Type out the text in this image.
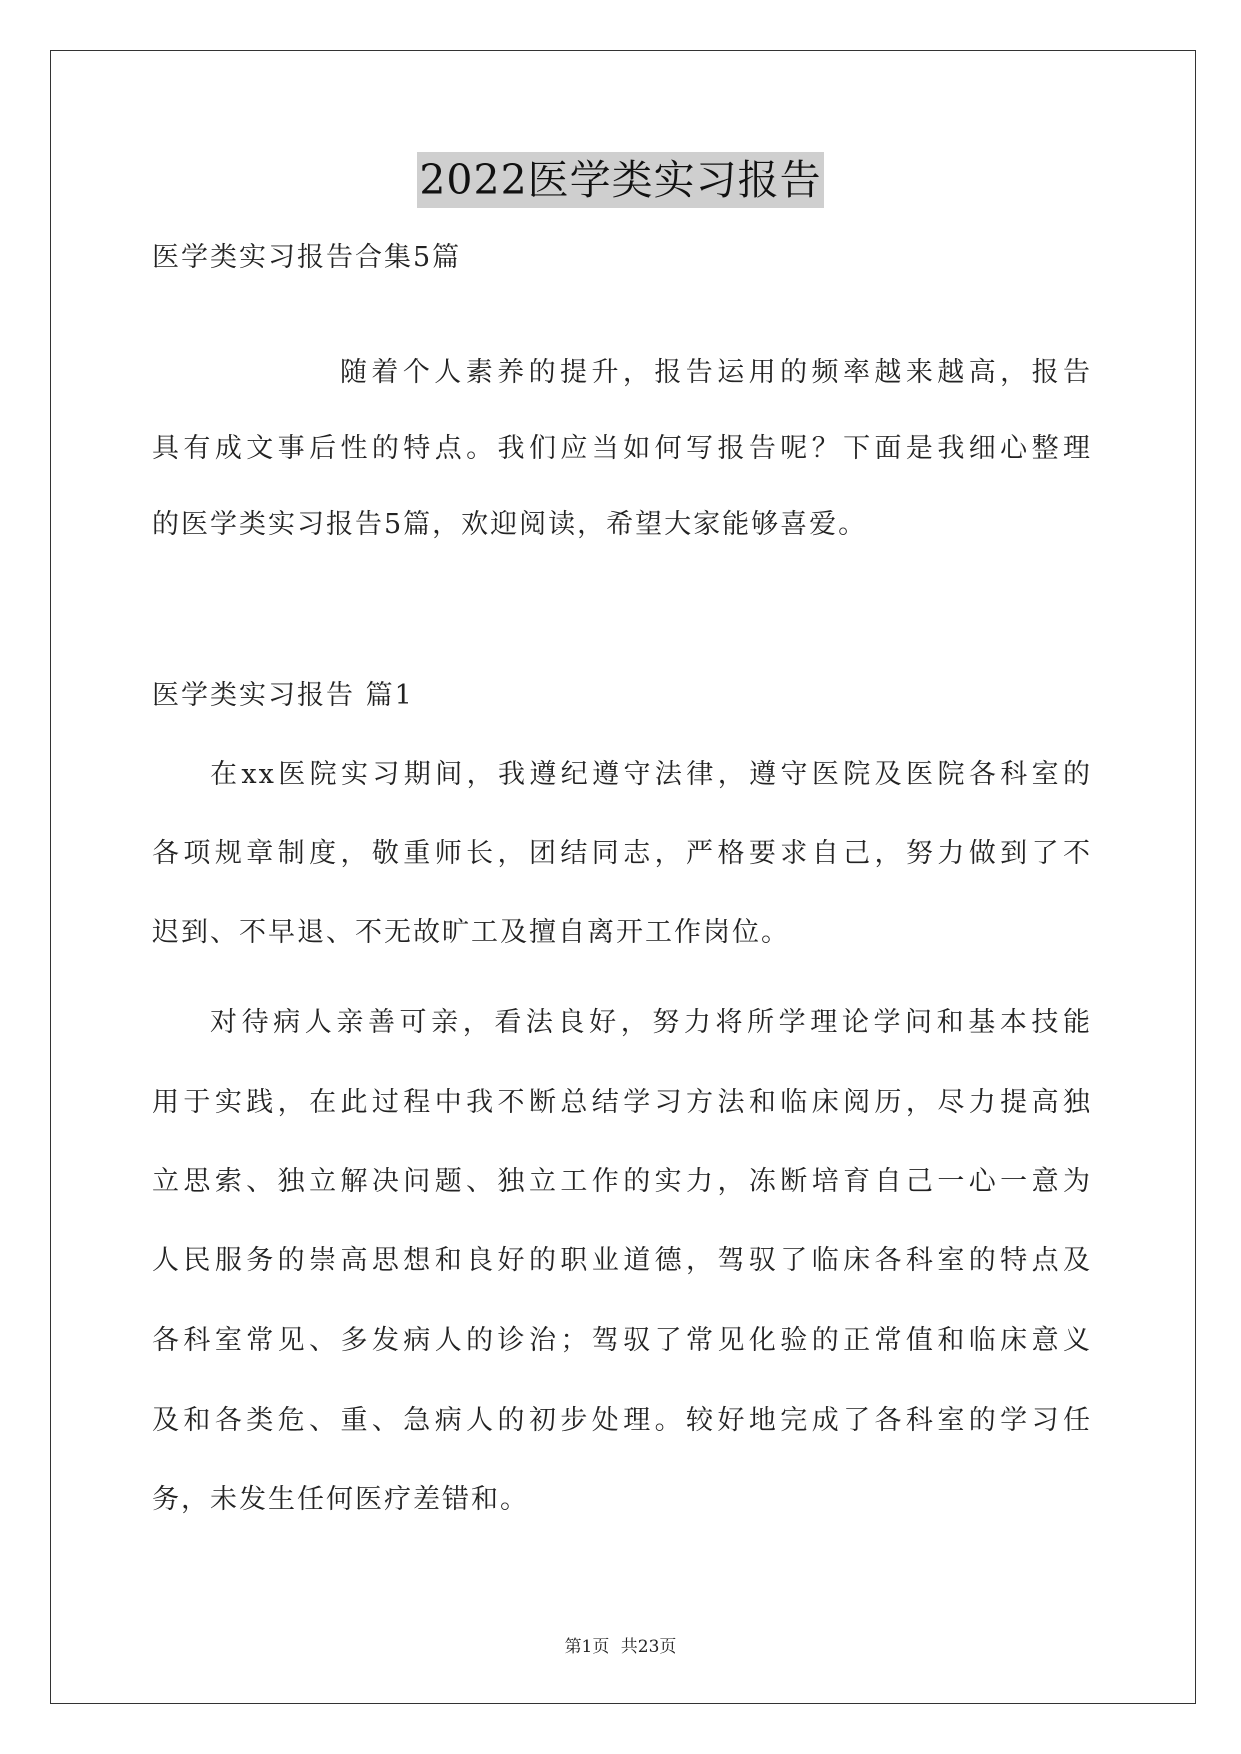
2022医学类实习报告
医学类实习报告合集5篇
随着个人素养的提升，报告运用的频率越来越高，报告
具有成文事后性的特点。我们应当如何写报告呢？下面是我细心整理
的医学类实习报告5篇，欢迎阅读，希望大家能够喜爱。
医学类实习报告 篇1
在xx医院实习期间，我遵纪遵守法律，遵守医院及医院各科室的
各项规章制度，敬重师长，团结同志，严格要求自己，努力做到了不
迟到、不早退、不无故旷工及擅自离开工作岗位。
对待病人亲善可亲，看法良好，努力将所学理论学问和基本技能
用于实践，在此过程中我不断总结学习方法和临床阅历，尽力提高独
立思索、独立解决问题、独立工作的实力，冻断培育自己一心一意为
人民服务的崇高思想和良好的职业道德，驾驭了临床各科室的特点及
各科室常见、多发病人的诊治；驾驭了常见化验的正常值和临床意义
及和各类危、重、急病人的初步处理。较好地完成了各科室的学习任
务，未发生任何医疗差错和。
第1页 共23页
